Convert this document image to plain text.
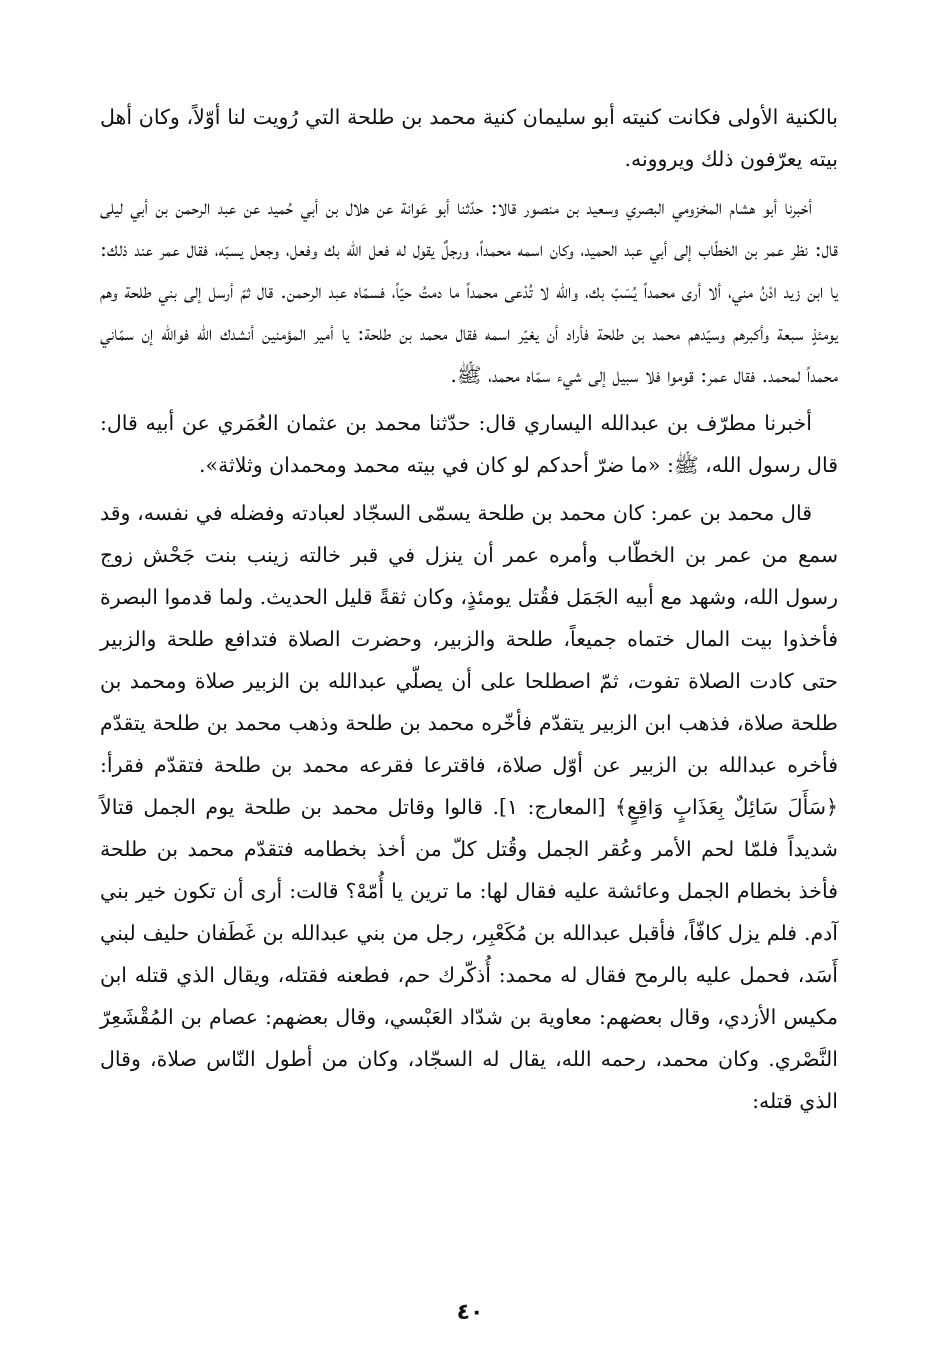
بالكنية الأولى فكانت كنيته أبو سليمان كنية محمد بن طلحة التي رُويت لنا أوّلاً، وكان أهل بيته يعرّفون ذلك ويروونه.

أخبرنا أبو هشام المخزومي البصري وسعيد بن منصور قالا: حدّثنا أبو عَوانة عن هلال بن أبي حُميد عن عبد الرحمن بن أبي ليلى قال: نظر عمر بن الخطّاب إلى أبي عبد الحميد، وكان اسمه محمداً، ورجلٌ يقول له فعل الله بك وفعل، وجعل يسبّه، فقال عمر عند ذلك: يا ابن زيد ادْنُ مني، ألا أرى محمداً يُسَبّ بك، والله لا تُدْعى محمداً ما دمتُ حيّاً، فسمّاه عبد الرحمن. قال ثمّ أرسل إلى بني طلحة وهم يومئذٍ سبعة وأكبرهم وسيّدهم محمد بن طلحة فأراد أن يغيّر اسمه فقال محمد بن طلحة: يا أمير المؤمنين أنشدك الله فوالله إن سمّاني محمداً لمحمد. فقال عمر: قوموا فلا سبيل إلى شيء سمّاه محمد، ﷺ.

أخبرنا مطرّف بن عبدالله اليساري قال: حدّثنا محمد بن عثمان العُمَري عن أبيه قال: قال رسول الله، ﷺ: «ما ضرّ أحدكم لو كان في بيته محمد ومحمدان وثلاثة».

قال محمد بن عمر: كان محمد بن طلحة يسمّى السجّاد لعبادته وفضله في نفسه، وقد سمع من عمر بن الخطّاب وأمره عمر أن ينزل في قبر خالته زينب بنت جَحْش زوج رسول الله، وشهد مع أبيه الجَمَل فقُتل يومئذٍ، وكان ثقةً قليل الحديث. ولما قدموا البصرة فأخذوا بيت المال ختماه جميعاً، طلحة والزبير، وحضرت الصلاة فتدافع طلحة والزبير حتى كادت الصلاة تفوت، ثمّ اصطلحا على أن يصلّي عبدالله بن الزبير صلاة ومحمد بن طلحة صلاة، فذهب ابن الزبير يتقدّم فأخّره محمد بن طلحة وذهب محمد بن طلحة يتقدّم فأخره عبدالله بن الزبير عن أوّل صلاة، فاقترعا فقرعه محمد بن طلحة فتقدّم فقرأ: ﴿سَأَلَ سَائِلٌ بِعَذَابٍ وَاقِعٍ﴾ [المعارج: ١]. قالوا وقاتل محمد بن طلحة يوم الجمل قتالاً شديداً فلمّا لحم الأمر وعُقر الجمل وقُتل كلّ من أخذ بخطامه فتقدّم محمد بن طلحة فأخذ بخطام الجمل وعائشة عليه فقال لها: ما ترين يا أُمّهْ؟ قالت: أرى أن تكون خير بني آدم. فلم يزل كافّاً، فأقبل عبدالله بن مُكَعْبِر، رجل من بني عبدالله بن غَطَفان حليف لبني أَسَد، فحمل عليه بالرمح فقال له محمد: أُذكّرك حم، فطعنه فقتله، ويقال الذي قتله ابن مكيس الأزدي، وقال بعضهم: معاوية بن شدّاد العَبْسي، وقال بعضهم: عصام بن المُقْشَعِرّ النَّصْري. وكان محمد، رحمه الله، يقال له السجّاد، وكان من أطول النّاس صلاة، وقال الذي قتله:

٤٠
